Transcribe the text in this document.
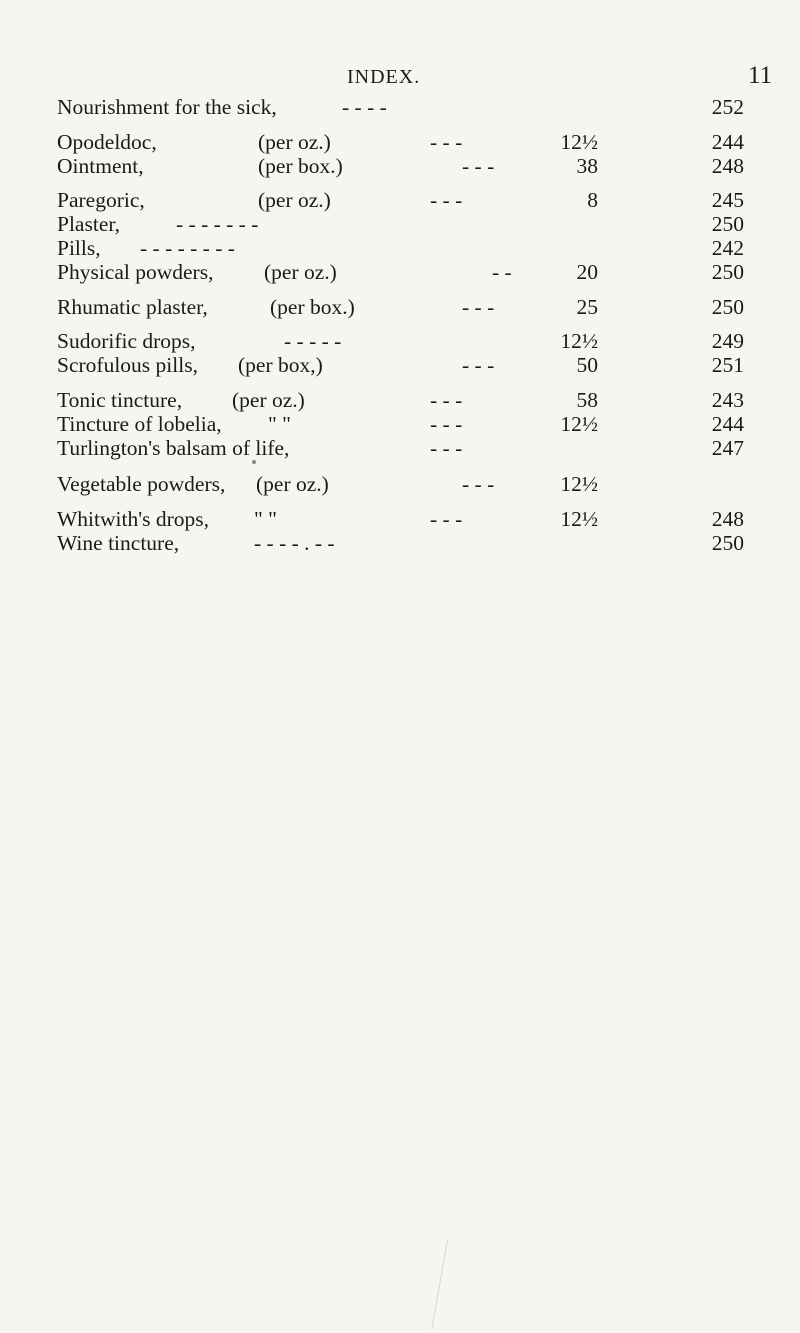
INDEX.	11
Nourishment for the sick,	- - - -	252
Opodeldoc,	(per oz.)	- - -	12½	244
Ointment,	(per box.)	- - -	38	248
Paregoric,	(per oz.)	- - -	8	245
Plaster,	- - - - - - -	250
Pills, - - - - - - - -	242
Physical powders, (per oz.)	- -	20	250
Rhumatic plaster,	(per box.)	- - -	25	250
Sudorific drops,	- - - - -	12½	249
Scrofulous pills, (per box,)	- - -	50	251
Tonic tincture, (per oz.)	- - -	58	243
Tincture of lobelia, " "	- - -	12½	244
Turlington's balsam of life,	- - -	247
Vegetable powders, (per oz.)	- - -	12½
Whitwith's drops, " "	- - -	12½	248
Wine tincture,	- - - - . - -	250
